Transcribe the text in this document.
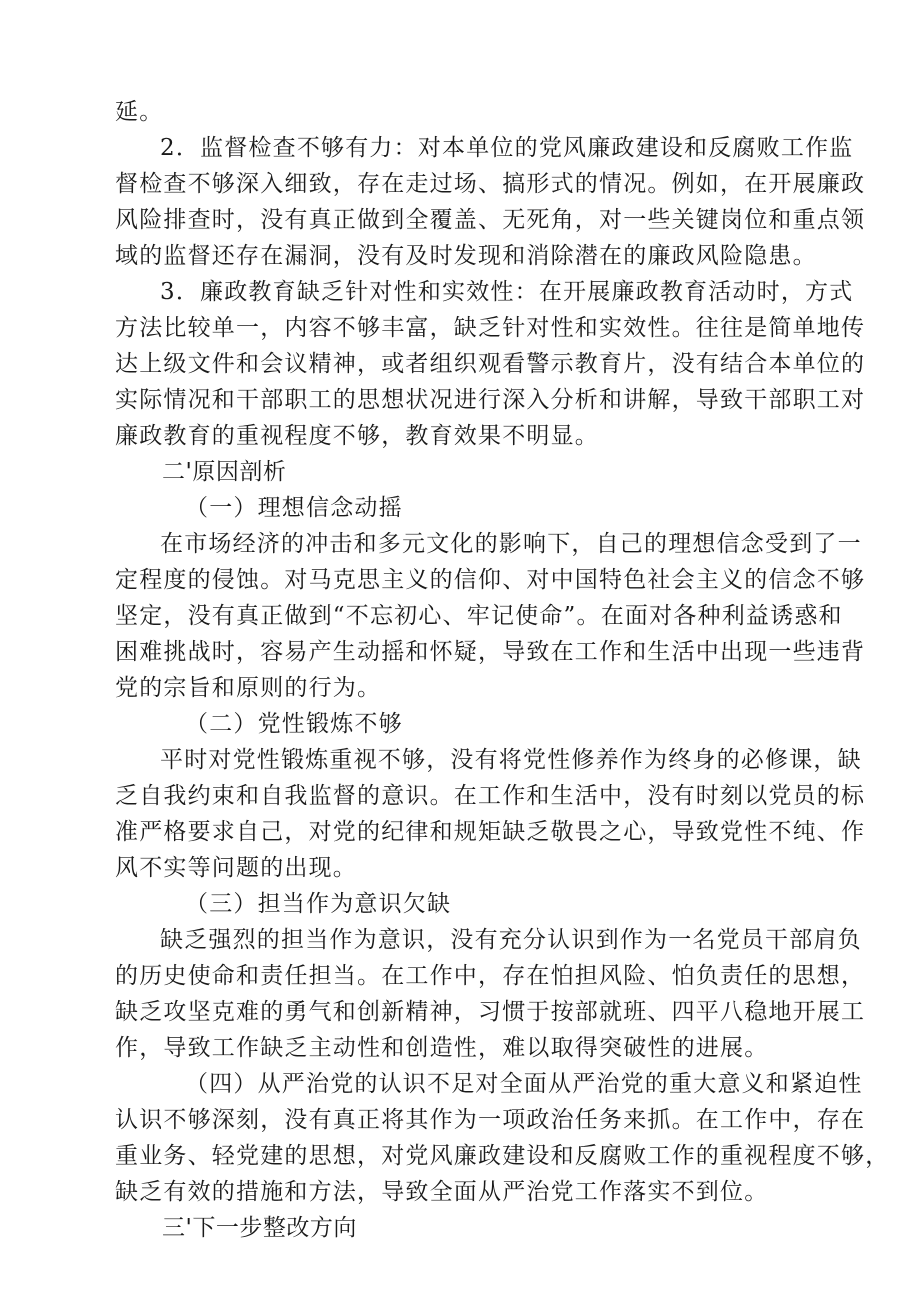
延。
2．监督检查不够有力：对本单位的党风廉政建设和反腐败工作监
督检查不够深入细致，存在走过场、搞形式的情况。例如，在开展廉政
风险排查时，没有真正做到全覆盖、无死角，对一些关键岗位和重点领
域的监督还存在漏洞，没有及时发现和消除潜在的廉政风险隐患。
3．廉政教育缺乏针对性和实效性：在开展廉政教育活动时，方式
方法比较单一，内容不够丰富，缺乏针对性和实效性。往往是简单地传
达上级文件和会议精神，或者组织观看警示教育片，没有结合本单位的
实际情况和干部职工的思想状况进行深入分析和讲解，导致干部职工对
廉政教育的重视程度不够，教育效果不明显。
二'原因剖析
（一）理想信念动摇
在市场经济的冲击和多元文化的影响下，自己的理想信念受到了一
定程度的侵蚀。对马克思主义的信仰、对中国特色社会主义的信念不够
坚定，没有真正做到“不忘初心、牢记使命”。在面对各种利益诱惑和
困难挑战时，容易产生动摇和怀疑，导致在工作和生活中出现一些违背
党的宗旨和原则的行为。
（二）党性锻炼不够
平时对党性锻炼重视不够，没有将党性修养作为终身的必修课，缺
乏自我约束和自我监督的意识。在工作和生活中，没有时刻以党员的标
准严格要求自己，对党的纪律和规矩缺乏敬畏之心，导致党性不纯、作
风不实等问题的出现。
（三）担当作为意识欠缺
缺乏强烈的担当作为意识，没有充分认识到作为一名党员干部肩负
的历史使命和责任担当。在工作中，存在怕担风险、怕负责任的思想，
缺乏攻坚克难的勇气和创新精神，习惯于按部就班、四平八稳地开展工
作，导致工作缺乏主动性和创造性，难以取得突破性的进展。
（四）从严治党的认识不足对全面从严治党的重大意义和紧迫性
认识不够深刻，没有真正将其作为一项政治任务来抓。在工作中，存在
重业务、轻党建的思想，对党风廉政建设和反腐败工作的重视程度不够，
缺乏有效的措施和方法，导致全面从严治党工作落实不到位。
三'下一步整改方向
